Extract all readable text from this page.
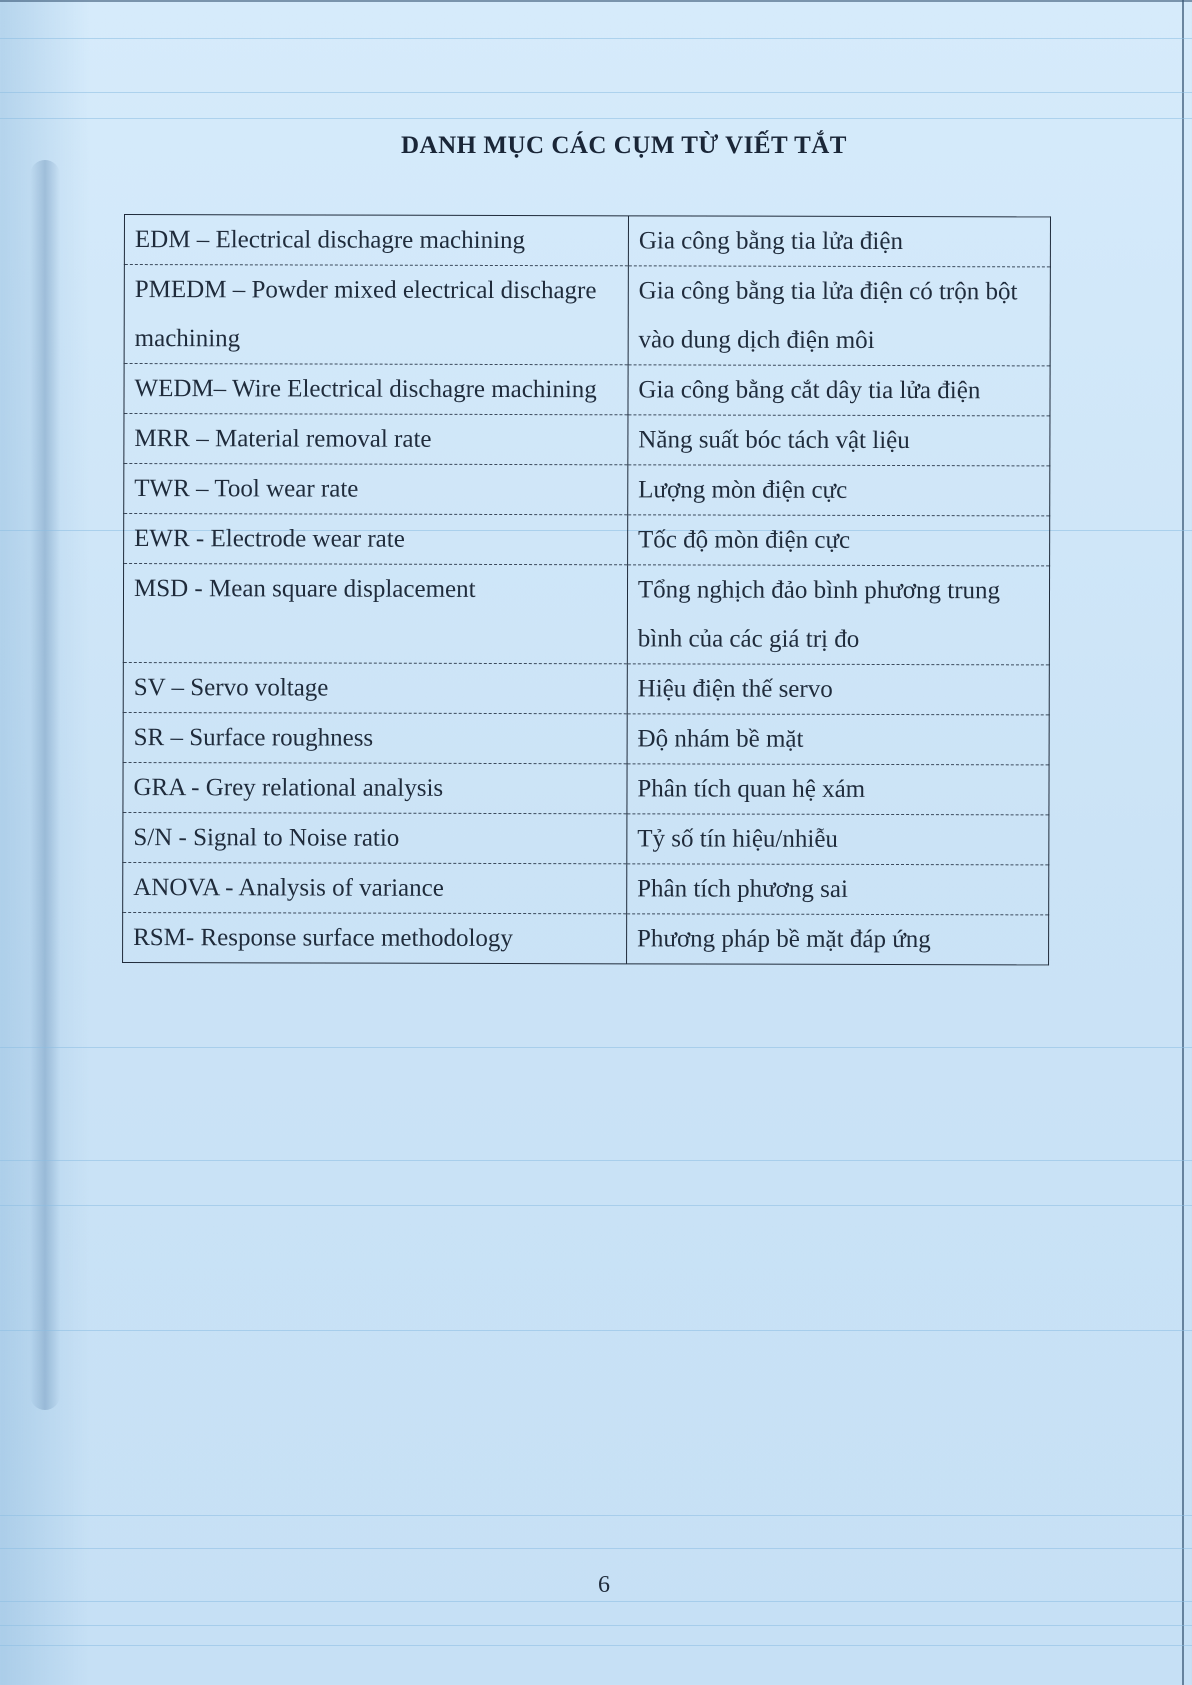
DANH MỤC CÁC CỤM TỪ VIẾT TẮT
EDM – Electrical dischagre machining	Gia công bằng tia lửa điện
PMEDM – Powder mixed electrical dischagre machining	Gia công bằng tia lửa điện có trộn bột vào dung dịch điện môi
WEDM– Wire Electrical dischagre machining	Gia công bằng cắt dây tia lửa điện
MRR – Material removal rate	Năng suất bóc tách vật liệu
TWR – Tool wear rate	Lượng mòn điện cực
EWR - Electrode wear rate	Tốc độ mòn điện cực
MSD - Mean square displacement	Tổng nghịch đảo bình phương trung bình của các giá trị đo
SV – Servo voltage	Hiệu điện thế servo
SR – Surface roughness	Độ nhám bề mặt
GRA - Grey relational analysis	Phân tích quan hệ xám
S/N - Signal to Noise ratio	Tỷ số tín hiệu/nhiễu
ANOVA - Analysis of variance	Phân tích phương sai
RSM- Response surface methodology	Phương pháp bề mặt đáp ứng
6
